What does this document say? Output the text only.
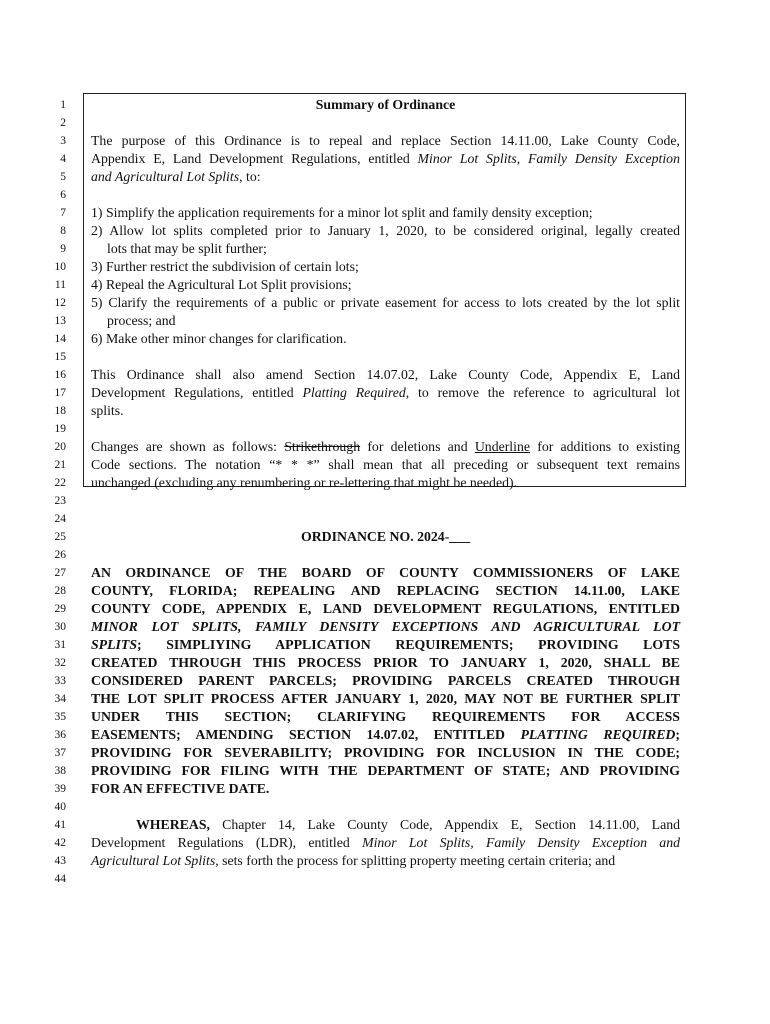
1
2
3
4
5
6
7
8
9
10
11
12
13
14
15
16
17
18
19
20
21
22
23
24
25
26
27
28
29
30
31
32
33
34
35
36
37
38
39
40
41
42
43
44
Summary of Ordinance
The purpose of this Ordinance is to repeal and replace Section 14.11.00, Lake County Code,
Appendix E, Land Development Regulations, entitled Minor Lot Splits, Family Density Exception
and Agricultural Lot Splits, to:
1) Simplify the application requirements for a minor lot split and family density exception;
2) Allow lot splits completed prior to January 1, 2020, to be considered original, legally created
lots that may be split further;
3) Further restrict the subdivision of certain lots;
4) Repeal the Agricultural Lot Split provisions;
5) Clarify the requirements of a public or private easement for access to lots created by the lot split
process; and
6) Make other minor changes for clarification.
This Ordinance shall also amend Section 14.07.02, Lake County Code, Appendix E, Land
Development Regulations, entitled Platting Required, to remove the reference to agricultural lot
splits.
Changes are shown as follows: Strikethrough for deletions and Underline for additions to existing
Code sections. The notation “* * *” shall mean that all preceding or subsequent text remains
unchanged (excluding any renumbering or re-lettering that might be needed).
ORDINANCE NO. 2024-___
AN ORDINANCE OF THE BOARD OF COUNTY COMMISSIONERS OF LAKE
COUNTY, FLORIDA; REPEALING AND REPLACING SECTION 14.11.00, LAKE
COUNTY CODE, APPENDIX E, LAND DEVELOPMENT REGULATIONS, ENTITLED
MINOR LOT SPLITS, FAMILY DENSITY EXCEPTIONS AND AGRICULTURAL LOT
SPLITS; SIMPLIYING APPLICATION REQUIREMENTS; PROVIDING LOTS
CREATED THROUGH THIS PROCESS PRIOR TO JANUARY 1, 2020, SHALL BE
CONSIDERED PARENT PARCELS; PROVIDING PARCELS CREATED THROUGH
THE LOT SPLIT PROCESS AFTER JANUARY 1, 2020, MAY NOT BE FURTHER SPLIT
UNDER THIS SECTION; CLARIFYING REQUIREMENTS FOR ACCESS
EASEMENTS; AMENDING SECTION 14.07.02, ENTITLED PLATTING REQUIRED;
PROVIDING FOR SEVERABILITY; PROVIDING FOR INCLUSION IN THE CODE;
PROVIDING FOR FILING WITH THE DEPARTMENT OF STATE; AND PROVIDING
FOR AN EFFECTIVE DATE.
WHEREAS, Chapter 14, Lake County Code, Appendix E, Section 14.11.00, Land
Development Regulations (LDR), entitled Minor Lot Splits, Family Density Exception and
Agricultural Lot Splits, sets forth the process for splitting property meeting certain criteria; and
